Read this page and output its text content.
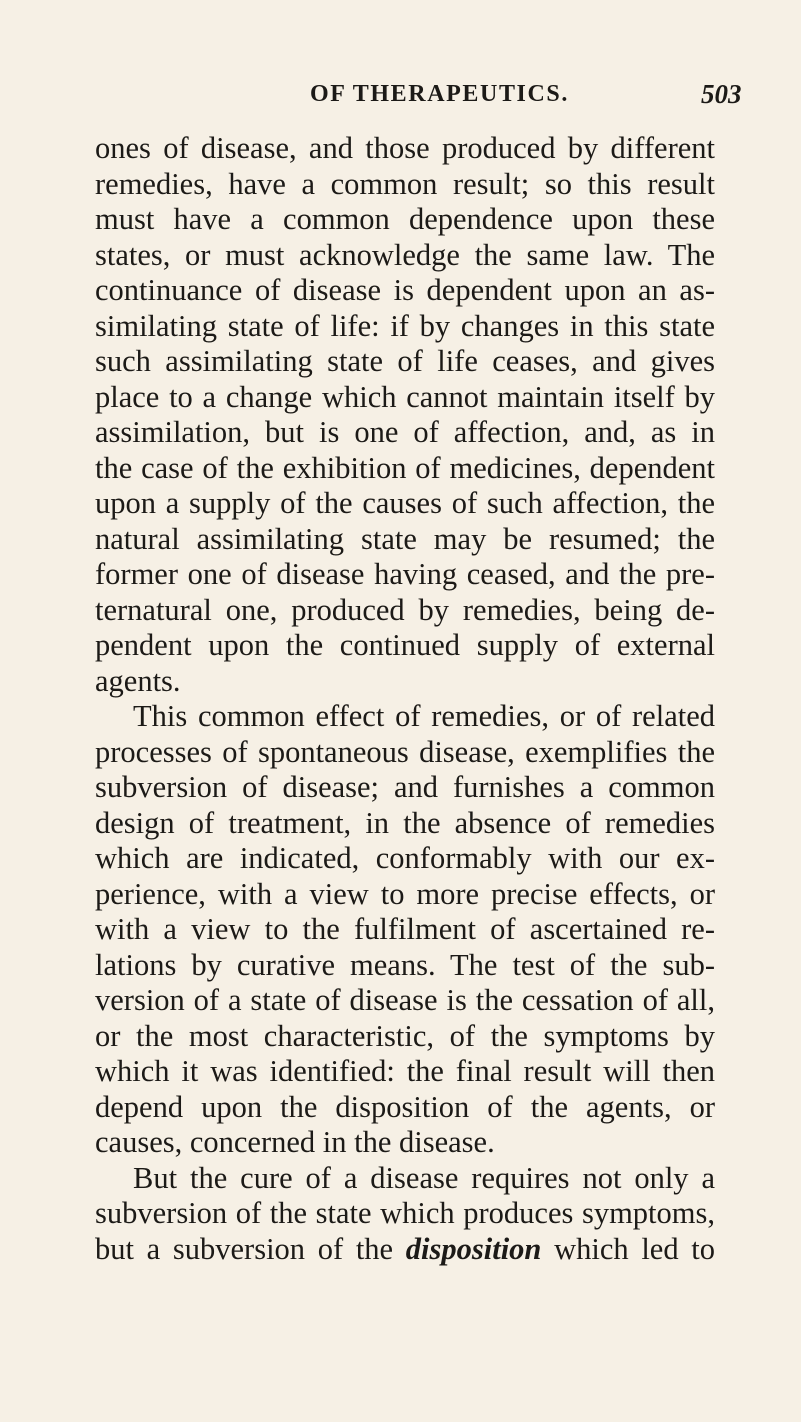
OF THERAPEUTICS.	503
ones of disease, and those produced by different
remedies, have a common result; so this result
must have a common dependence upon these
states, or must acknowledge the same law. The
continuance of disease is dependent upon an as-
similating state of life: if by changes in this state
such assimilating state of life ceases, and gives
place to a change which cannot maintain itself by
assimilation, but is one of affection, and, as in
the case of the exhibition of medicines, dependent
upon a supply of the causes of such affection, the
natural assimilating state may be resumed; the
former one of disease having ceased, and the pre-
ternatural one, produced by remedies, being de-
pendent upon the continued supply of external
agents.
This common effect of remedies, or of related
processes of spontaneous disease, exemplifies the
subversion of disease; and furnishes a common
design of treatment, in the absence of remedies
which are indicated, conformably with our ex-
perience, with a view to more precise effects, or
with a view to the fulfilment of ascertained re-
lations by curative means. The test of the sub-
version of a state of disease is the cessation of all,
or the most characteristic, of the symptoms by
which it was identified: the final result will then
depend upon the disposition of the agents, or
causes, concerned in the disease.
But the cure of a disease requires not only a
subversion of the state which produces symptoms,
but a subversion of the disposition which led to
